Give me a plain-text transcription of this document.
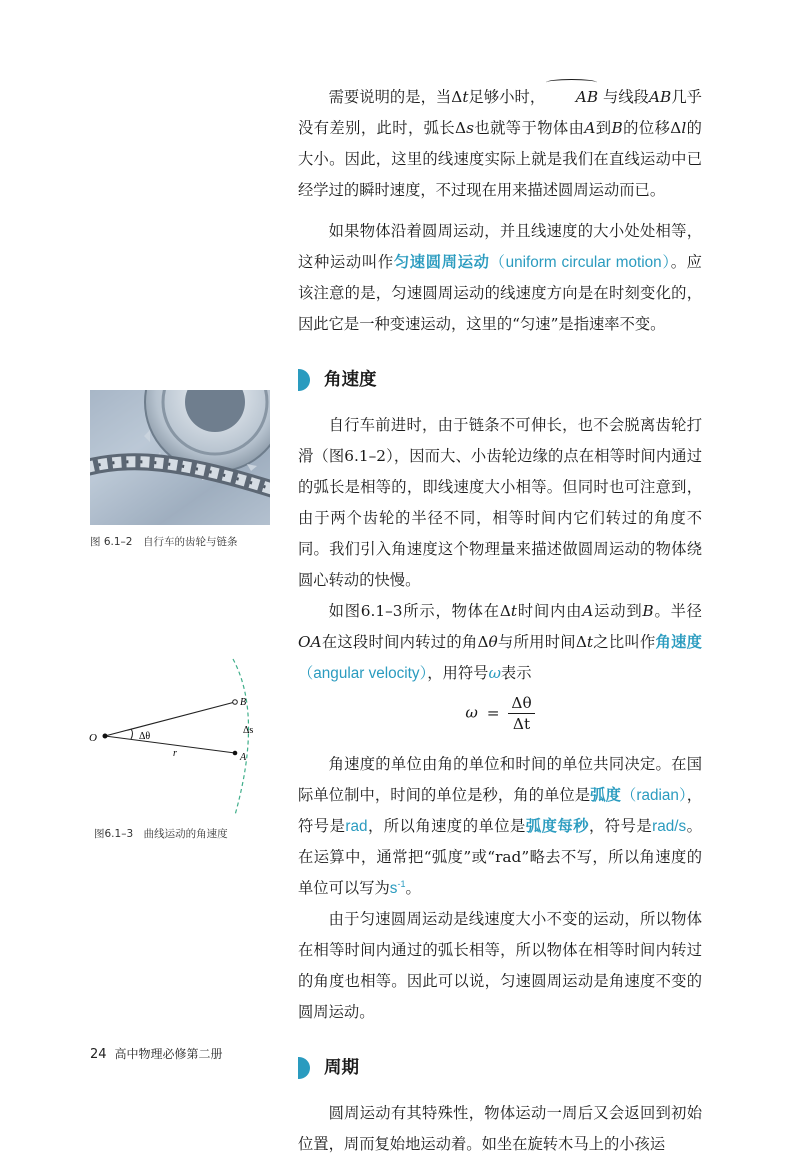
需要说明的是，当Δt足够小时， AB 与线段AB几乎没有差别，此时，弧长Δs也就等于物体由A到B的位移Δl的大小。因此，这里的线速度实际上就是我们在直线运动中已经学过的瞬时速度，不过现在用来描述圆周运动而已。

如果物体沿着圆周运动，并且线速度的大小处处相等，这种运动叫作匀速圆周运动（uniform circular motion）。应该注意的是，匀速圆周运动的线速度方向是在时刻变化的，因此它是一种变速运动，这里的“匀速”是指速率不变。

角速度

自行车前进时，由于链条不可伸长，也不会脱离齿轮打滑（图6.1–2），因而大、小齿轮边缘的点在相等时间内通过的弧长是相等的，即线速度大小相等。但同时也可注意到，由于两个齿轮的半径不同，相等时间内它们转过的角度不同。我们引入角速度这个物理量来描述做圆周运动的物体绕圆心转动的快慢。

如图6.1–3所示，物体在Δt时间内由A运动到B。半径OA在这段时间内转过的角Δθ与所用时间Δt之比叫作角速度（angular velocity），用符号ω表示

$\omega = \frac{\Delta\theta}{\Delta t}$

角速度的单位由角的单位和时间的单位共同决定。在国际单位制中，时间的单位是秒，角的单位是弧度（radian），符号是rad，所以角速度的单位是弧度每秒，符号是rad/s。在运算中，通常把“弧度”或“rad”略去不写，所以角速度的单位可以写为$s^{-1}$。

由于匀速圆周运动是线速度大小不变的运动，所以物体在相等时间内通过的弧长相等，所以物体在相等时间内转过的角度也相等。因此可以说，匀速圆周运动是角速度不变的圆周运动。

周期

圆周运动有其特殊性，物体运动一周后又会返回到初始位置，周而复始地运动着。如坐在旋转木马上的小孩运

图 6.1–2　自行车的齿轮与链条
O
B
A
r
Δs
Δθ
图6.1–3　曲线运动的角速度
24 高中物理必修第二册
